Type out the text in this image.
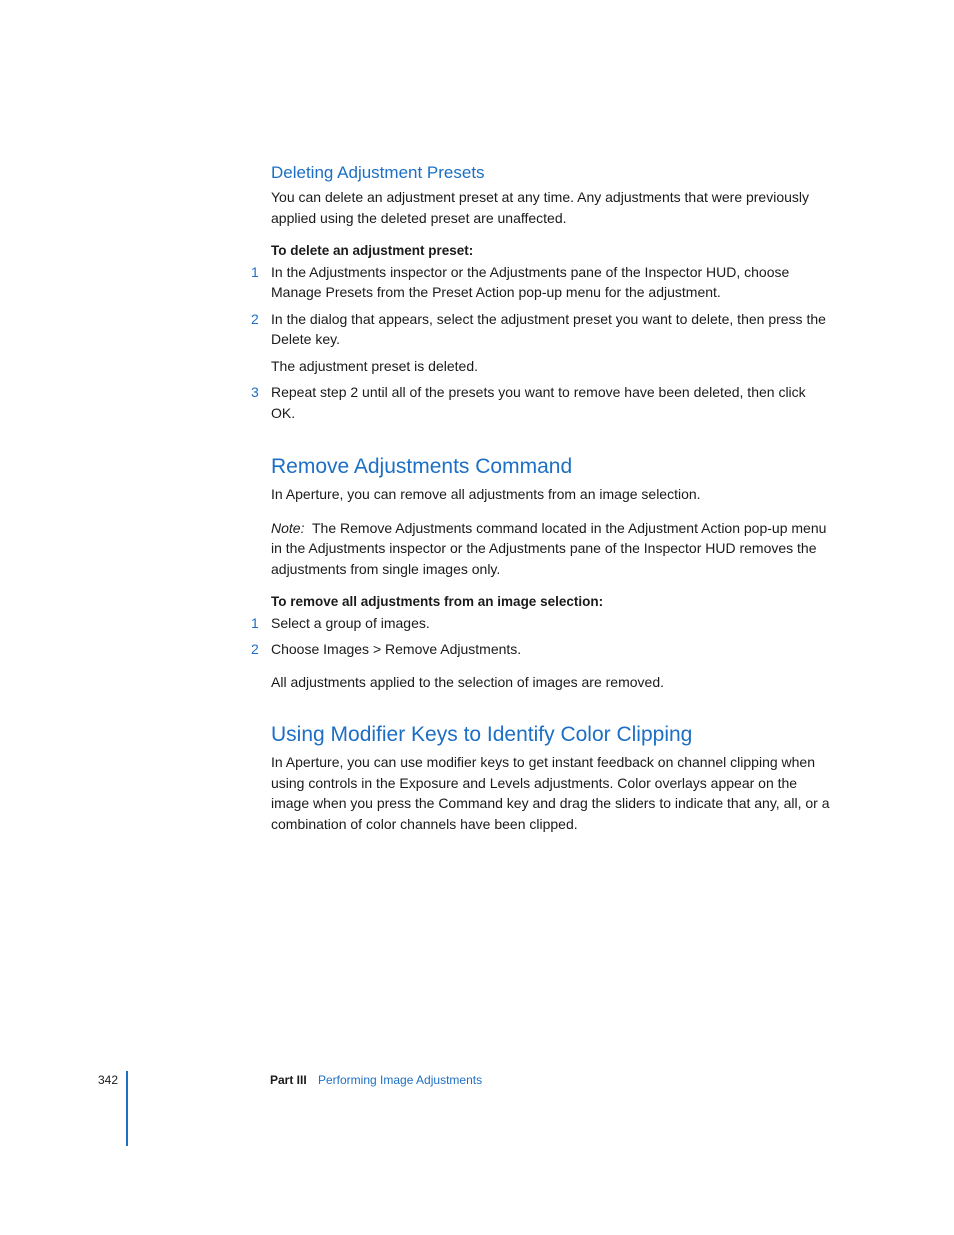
Deleting Adjustment Presets

You can delete an adjustment preset at any time. Any adjustments that were previously applied using the deleted preset are unaffected.

To delete an adjustment preset:

1 In the Adjustments inspector or the Adjustments pane of the Inspector HUD, choose Manage Presets from the Preset Action pop-up menu for the adjustment.
2 In the dialog that appears, select the adjustment preset you want to delete, then press the Delete key.

The adjustment preset is deleted.

3 Repeat step 2 until all of the presets you want to remove have been deleted, then click OK.
Remove Adjustments Command

In Aperture, you can remove all adjustments from an image selection.

Note: The Remove Adjustments command located in the Adjustment Action pop-up menu in the Adjustments inspector or the Adjustments pane of the Inspector HUD removes the adjustments from single images only.

To remove all adjustments from an image selection:

1 Select a group of images.
2 Choose Images > Remove Adjustments.

All adjustments applied to the selection of images are removed.

Using Modifier Keys to Identify Color Clipping

In Aperture, you can use modifier keys to get instant feedback on channel clipping when using controls in the Exposure and Levels adjustments. Color overlays appear on the image when you press the Command key and drag the sliders to indicate that any, all, or a combination of color channels have been clipped.

342	Part III Performing Image Adjustments
